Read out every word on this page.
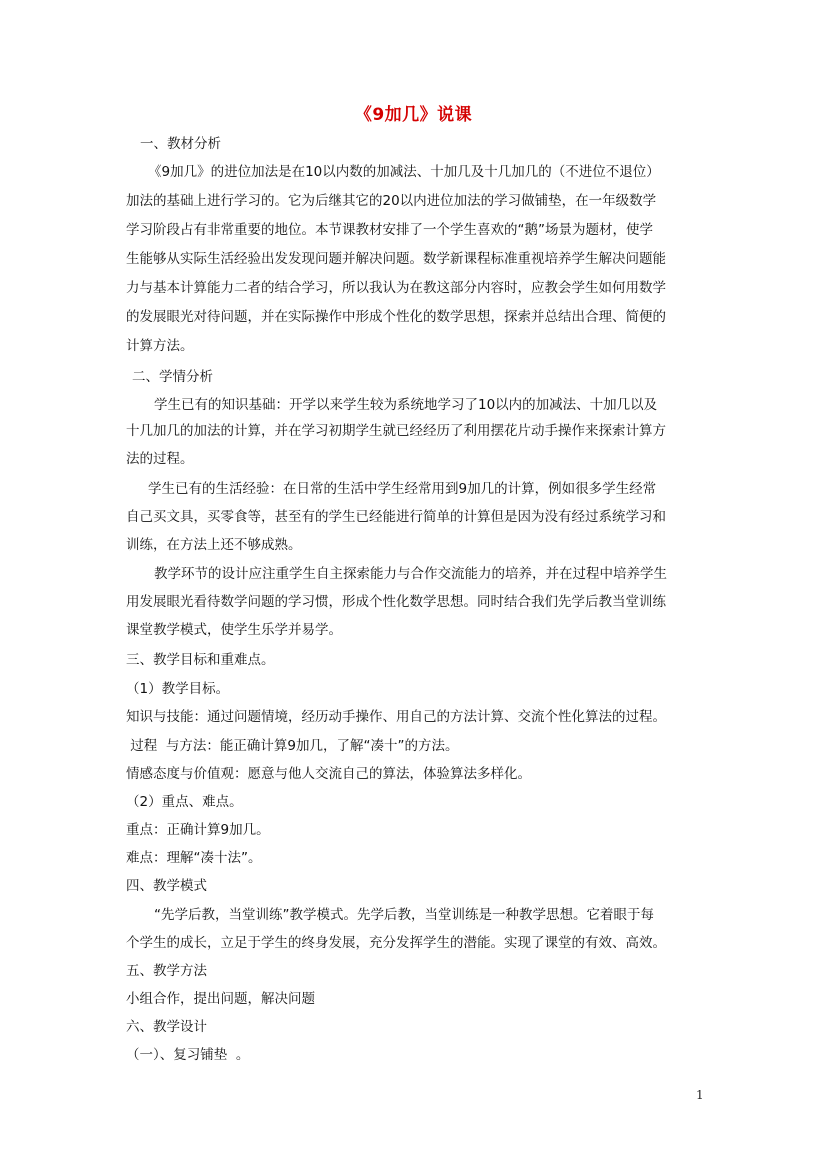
《9加几》说课
一、教材分析
《9加几》的进位加法是在10以内数的加减法、十加几及十几加几的（不进位不退位）
加法的基础上进行学习的。它为后继其它的20以内进位加法的学习做铺垫，在一年级数学
学习阶段占有非常重要的地位。本节课教材安排了一个学生喜欢的“鹅”场景为题材，使学
生能够从实际生活经验出发发现问题并解决问题。数学新课程标准重视培养学生解决问题能
力与基本计算能力二者的结合学习，所以我认为在教这部分内容时，应教会学生如何用数学
的发展眼光对待问题，并在实际操作中形成个性化的数学思想，探索并总结出合理、简便的
计算方法。
二、学情分析
学生已有的知识基础：开学以来学生较为系统地学习了10以内的加减法、十加几以及
十几加几的加法的计算，并在学习初期学生就已经经历了利用摆花片动手操作来探索计算方
法的过程。
学生已有的生活经验：在日常的生活中学生经常用到9加几的计算，例如很多学生经常
自己买文具，买零食等，甚至有的学生已经能进行简单的计算但是因为没有经过系统学习和
训练，在方法上还不够成熟。
教学环节的设计应注重学生自主探索能力与合作交流能力的培养，并在过程中培养学生
用发展眼光看待数学问题的学习惯，形成个性化数学思想。同时结合我们先学后教当堂训练
课堂教学模式，使学生乐学并易学。
三、教学目标和重难点。
（1）教学目标。
知识与技能：通过问题情境，经历动手操作、用自己的方法计算、交流个性化算法的过程。
过程  与方法：能正确计算9加几，了解“凑十”的方法。
情感态度与价值观：愿意与他人交流自己的算法，体验算法多样化。
（2）重点、难点。
重点：正确计算9加几。
难点：理解“凑十法”。
四、教学模式
“先学后教，当堂训练”教学模式。先学后教，当堂训练是一种教学思想。它着眼于每
个学生的成长，立足于学生的终身发展，充分发挥学生的潜能。实现了课堂的有效、高效。
五、教学方法
小组合作，提出问题，解决问题
六、教学设计
（一）、复习铺垫  。
1
